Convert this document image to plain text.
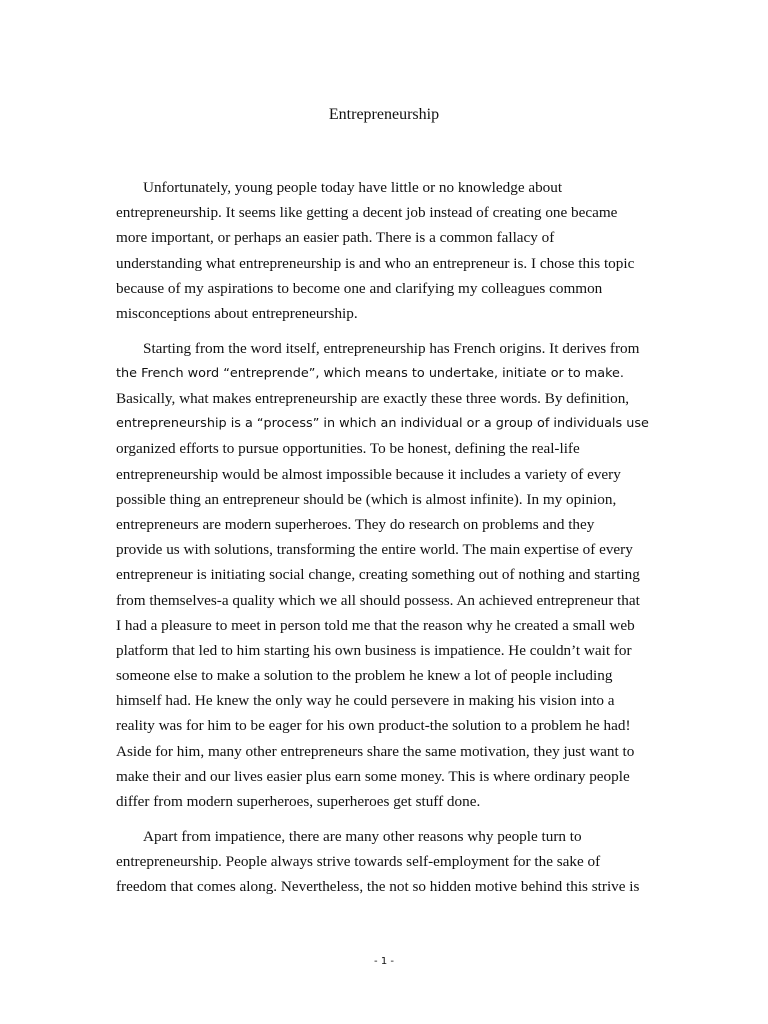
Entrepreneurship

Unfortunately, young people today have little or no knowledge about
entrepreneurship. It seems like getting a decent job instead of creating one became
more important, or perhaps an easier path. There is a common fallacy of
understanding what entrepreneurship is and who an entrepreneur is. I chose this topic
because of my aspirations to become one and clarifying my colleagues common
misconceptions about entrepreneurship.

Starting from the word itself, entrepreneurship has French origins. It derives from
the French word “entreprende”, which means to undertake, initiate or to make.
Basically, what makes entrepreneurship are exactly these three words. By definition,
entrepreneurship is a “process” in which an individual or a group of individuals use
organized efforts to pursue opportunities. To be honest, defining the real-life
entrepreneurship would be almost impossible because it includes a variety of every
possible thing an entrepreneur should be (which is almost infinite). In my opinion,
entrepreneurs are modern superheroes. They do research on problems and they
provide us with solutions, transforming the entire world. The main expertise of every
entrepreneur is initiating social change, creating something out of nothing and starting
from themselves-a quality which we all should possess. An achieved entrepreneur that
I had a pleasure to meet in person told me that the reason why he created a small web
platform that led to him starting his own business is impatience. He couldn’t wait for
someone else to make a solution to the problem he knew a lot of people including
himself had. He knew the only way he could persevere in making his vision into a
reality was for him to be eager for his own product-the solution to a problem he had!
Aside for him, many other entrepreneurs share the same motivation, they just want to
make their and our lives easier plus earn some money. This is where ordinary people
differ from modern superheroes, superheroes get stuff done.

Apart from impatience, there are many other reasons why people turn to
entrepreneurship. People always strive towards self-employment for the sake of
freedom that comes along. Nevertheless, the not so hidden motive behind this strive is

- 1 -
